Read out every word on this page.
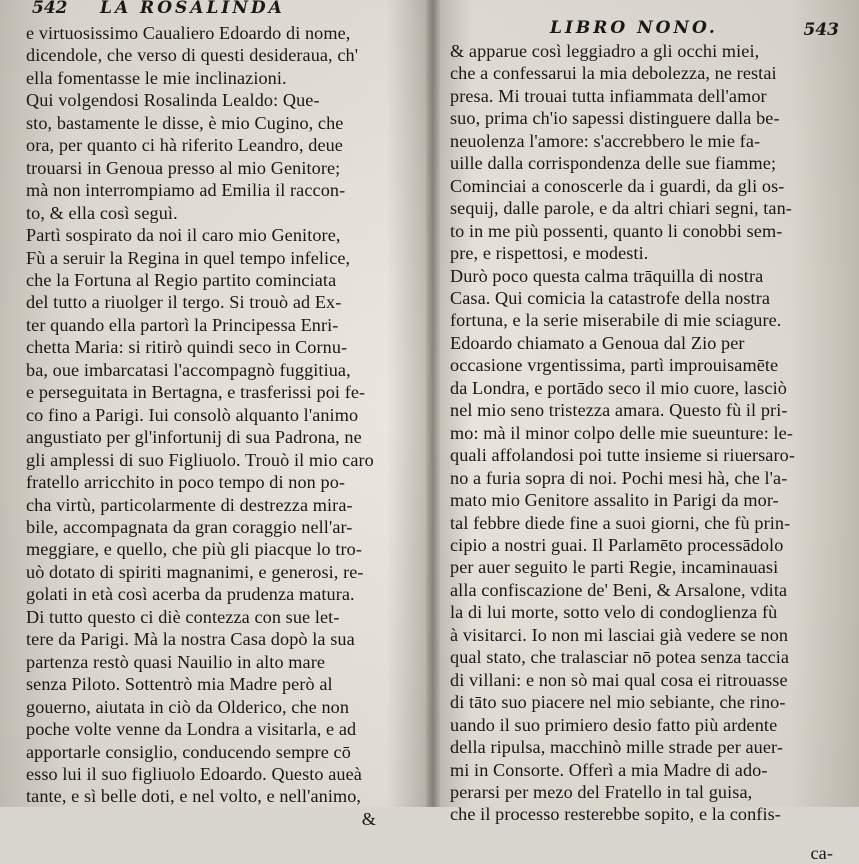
542 LA ROSALINDA
e virtuosissimo Caualiero Edoardo di nome,
dicendole, che verso di questi desideraua, ch'
ella fomentasse le mie inclinazioni.
Qui volgendosi Rosalinda Lealdo: Que-
sto, bastamente le disse, è mio Cugino, che
ora, per quanto ci hà riferito Leandro, deue
trouarsi in Genoua presso al mio Genitore;
mà non interrompiamo ad Emilia il raccon-
to, & ella così seguì.
Partì sospirato da noi il caro mio Genitore,
Fù a seruir la Regina in quel tempo infelice,
che la Fortuna al Regio partito cominciata
del tutto a riuolger il tergo. Si trouò ad Ex-
ter quando ella partorì la Principessa Enri-
chetta Maria: si ritirò quindi seco in Cornu-
ba, oue imbarcatasi l'accompagnò fuggitiua,
e perseguitata in Bertagna, e trasferissi poi fe-
co fino a Parigi. Iui consolò alquanto l'animo
angustiato per gl'infortunij di sua Padrona, ne
gli amplessi di suo Figliuolo. Trouò il mio caro
fratello arricchito in poco tempo di non po-
cha virtù, particolarmente di destrezza mira-
bile, accompagnata da gran coraggio nell'ar-
meggiare, e quello, che più gli piacque lo tro-
uò dotato di spiriti magnanimi, e generosi, re-
golati in età così acerba da prudenza matura.
Di tutto questo ci diè contezza con sue let-
tere da Parigi. Mà la nostra Casa dopò la sua
partenza restò quasi Nauilio in alto mare
senza Piloto. Sottentrò mia Madre però al
gouerno, aiutata in ciò da Olderico, che non
poche volte venne da Londra a visitarla, e ad
apportarle consiglio, conducendo sempre cō
esso lui il suo figliuolo Edoardo. Questo aueà
tante, e sì belle doti, e nel volto, e nell'animo,
&
LIBRO NONO.	543
& apparue così leggiadro a gli occhi miei,
che a confessarui la mia debolezza, ne restai
presa. Mi trouai tutta infiammata dell'amor
suo, prima ch'io sapessi distinguere dalla be-
neuolenza l'amore: s'accrebbero le mie fa-
uille dalla corrispondenza delle sue fiamme;
Cominciai a conoscerle da i guardi, da gli os-
sequij, dalle parole, e da altri chiari segni, tan-
to in me più possenti, quanto li conobbi sem-
pre, e rispettosi, e modesti.
Durò poco questa calma trāquilla di nostra
Casa. Qui comicia la catastrofe della nostra
fortuna, e la serie miserabile di mie sciagure.
Edoardo chiamato a Genoua dal Zio per
occasione vrgentissima, partì improuisamēte
da Londra, e portādo seco il mio cuore, lasciò
nel mio seno tristezza amara. Questo fù il pri-
mo: mà il minor colpo delle mie sueunture: le-
quali affolandosi poi tutte insieme si riuersaro-
no a furia sopra di noi. Pochi mesi hà, che l'a-
mato mio Genitore assalito in Parigi da mor-
tal febbre diede fine a suoi giorni, che fù prin-
cipio a nostri guai. Il Parlamēto processādolo
per auer seguito le parti Regie, incaminauasi
alla confiscazione de' Beni, & Arsalone, vdita
la di lui morte, sotto velo di condoglienza fù
à visitarci. Io non mi lasciai già vedere se non
qual stato, che tralasciar nō potea senza taccia
di villani: e non sò mai qual cosa ei ritrouasse
di tāto suo piacere nel mio sebiante, che rino-
uando il suo primiero desio fatto più ardente
della ripulsa, macchinò mille strade per auer-
mi in Consorte. Offerì a mia Madre di ado-
perarsi per mezo del Fratello in tal guisa,
che il processo resterebbe sopito, e la confis-
ca-
